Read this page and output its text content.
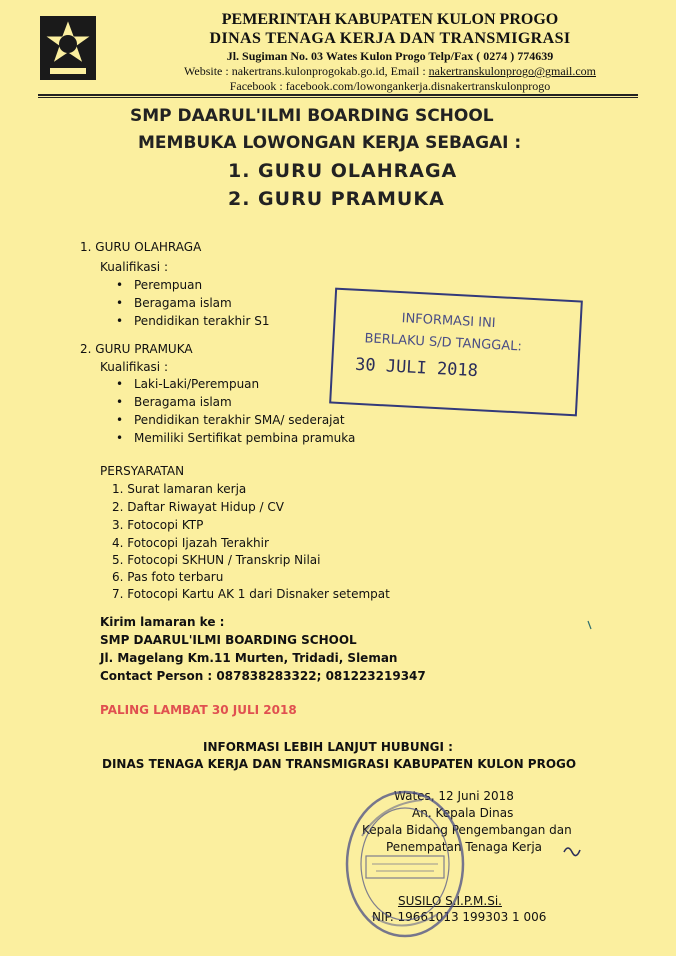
PEMERINTAH KABUPATEN KULON PROGO
DINAS TENAGA KERJA DAN TRANSMIGRASI
Jl. Sugiman No. 03 Wates Kulon Progo Telp/Fax ( 0274 ) 774639
Website : nakertrans.kulonprogokab.go.id, Email : nakertranskulonprogo@gmail.com
Facebook : facebook.com/lowongankerja.disnakertranskulonprogo
SMP DAARUL'ILMI BOARDING SCHOOL
MEMBUKA LOWONGAN KERJA SEBAGAI :
1. GURU OLAHRAGA
2. GURU PRAMUKA
1. GURU OLAHRAGA
Kualifikasi :
• Perempuan
• Beragama islam
• Pendidikan terakhir S1
2. GURU PRAMUKA
Kualifikasi :
• Laki-Laki/Perempuan
• Beragama islam
• Pendidikan terakhir SMA/ sederajat
• Memiliki Sertifikat pembina pramuka
PERSYARATAN
1. Surat lamaran kerja
2. Daftar Riwayat Hidup / CV
3. Fotocopi KTP
4. Fotocopi Ijazah Terakhir
5. Fotocopi SKHUN / Transkrip Nilai
6. Pas foto terbaru
7. Fotocopi Kartu AK 1 dari Disnaker setempat
Kirim lamaran ke :
SMP DAARUL'ILMI BOARDING SCHOOL
Jl. Magelang Km.11 Murten, Tridadi, Sleman
Contact Person : 087838283322; 081223219347
PALING LAMBAT 30 JULI 2018
INFORMASI LEBIH LANJUT HUBUNGI :
DINAS TENAGA KERJA DAN TRANSMIGRASI KABUPATEN KULON PROGO
INFORMASI INI
BERLAKU S/D TANGGAL:
30 JULI 2018
Wates, 12 Juni 2018
An. Kepala Dinas
Kepala Bidang Pengembangan dan
Penempatan Tenaga Kerja
SUSILO S.I.P.M.Si.
NIP. 19661013 199303 1 006
